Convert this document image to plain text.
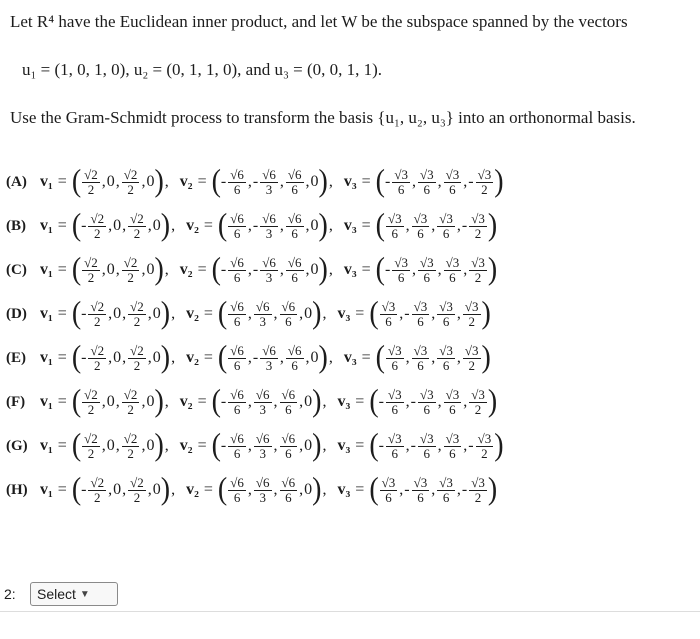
Let R⁴ have the Euclidean inner product, and let W be the subspace spanned by the vectors
u₁ = (1, 0, 1, 0), u₂ = (0, 1, 1, 0), and u₃ = (0, 0, 1, 1).
Use the Gram-Schmidt process to transform the basis {u₁, u₂, u₃} into an orthonormal basis.
(A) v₁ = ( $\frac{√2}{2}$ , 0 , $\frac{√2}{2}$ , 0 ) , v₂ = ( - $\frac{√6}{6}$ , - $\frac{√6}{3}$ , $\frac{√6}{6}$ , 0 ) , v₃ = ( - $\frac{√3}{6}$ , $\frac{√3}{6}$ , $\frac{√3}{6}$ , - $\frac{√3}{2}$ )
(B) v₁ = ( - $\frac{√2}{2}$ , 0 , $\frac{√2}{2}$ , 0 ) , v₂ = ( $\frac{√6}{6}$ , - $\frac{√6}{3}$ , $\frac{√6}{6}$ , 0 ) , v₃ = ( $\frac{√3}{6}$ , $\frac{√3}{6}$ , $\frac{√3}{6}$ , - $\frac{√3}{2}$ )
(C) v₁ = ( $\frac{√2}{2}$ , 0 , $\frac{√2}{2}$ , 0 ) , v₂ = ( - $\frac{√6}{6}$ , - $\frac{√6}{3}$ , $\frac{√6}{6}$ , 0 ) , v₃ = ( - $\frac{√3}{6}$ , $\frac{√3}{6}$ , $\frac{√3}{6}$ , $\frac{√3}{2}$ )
(D) v₁ = ( - $\frac{√2}{2}$ , 0 , $\frac{√2}{2}$ , 0 ) , v₂ = ( $\frac{√6}{6}$ , $\frac{√6}{3}$ , $\frac{√6}{6}$ , 0 ) , v₃ = ( $\frac{√3}{6}$ , - $\frac{√3}{6}$ , $\frac{√3}{6}$ , $\frac{√3}{2}$ )
(E) v₁ = ( - $\frac{√2}{2}$ , 0 , $\frac{√2}{2}$ , 0 ) , v₂ = ( $\frac{√6}{6}$ , - $\frac{√6}{3}$ , $\frac{√6}{6}$ , 0 ) , v₃ = ( $\frac{√3}{6}$ , $\frac{√3}{6}$ , $\frac{√3}{6}$ , $\frac{√3}{2}$ )
(F) v₁ = ( $\frac{√2}{2}$ , 0 , $\frac{√2}{2}$ , 0 ) , v₂ = ( - $\frac{√6}{6}$ , $\frac{√6}{3}$ , $\frac{√6}{6}$ , 0 ) , v₃ = ( - $\frac{√3}{6}$ , - $\frac{√3}{6}$ , $\frac{√3}{6}$ , $\frac{√3}{2}$ )
(G) v₁ = ( $\frac{√2}{2}$ , 0 , $\frac{√2}{2}$ , 0 ) , v₂ = ( - $\frac{√6}{6}$ , $\frac{√6}{3}$ , $\frac{√6}{6}$ , 0 ) , v₃ = ( - $\frac{√3}{6}$ , - $\frac{√3}{6}$ , $\frac{√3}{6}$ , - $\frac{√3}{2}$ )
(H) v₁ = ( - $\frac{√2}{2}$ , 0 , $\frac{√2}{2}$ , 0 ) , v₂ = ( $\frac{√6}{6}$ , $\frac{√6}{3}$ , $\frac{√6}{6}$ , 0 ) , v₃ = ( $\frac{√3}{6}$ , - $\frac{√3}{6}$ , $\frac{√3}{6}$ , - $\frac{√3}{2}$ )
2: Select ▼
